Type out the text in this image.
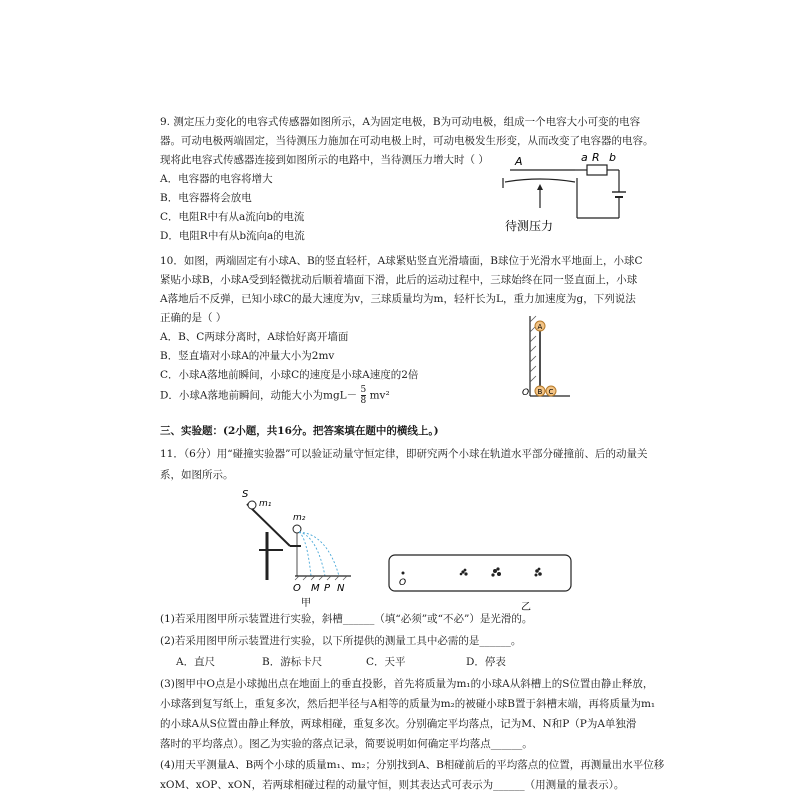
9. 测定压力变化的电容式传感器如图所示，A为固定电极，B为可动电极，组成一个电容大小可变的电容
器。可动电极两端固定，当待测压力施加在可动电极上时，可动电极发生形变，从而改变了电容器的电容。
现将此电容式传感器连接到如图所示的电路中，当待测压力增大时（ ）
A．电容器的电容将增大
B．电容器将会放电
C．电阻R中有从a流向b的电流
D．电阻R中有从b流向a的电流
A
待测压力
a R b
10．如图，两端固定有小球A、B的竖直轻杆，A球紧贴竖直光滑墙面，B球位于光滑水平地面上，小球C
紧贴小球B，小球A受到轻微扰动后顺着墙面下滑，此后的运动过程中，三球始终在同一竖直面上，小球
A落地后不反弹，已知小球C的最大速度为v，三球质量均为m，轻杆长为L，重力加速度为g，下列说法
正确的是（ ）
A．B、C两球分离时，A球恰好离开墙面
B．竖直墙对小球A的冲量大小为2mv
C．小球A落地前瞬间，小球C的速度是小球A速度的2倍
D．小球A落地前瞬间，动能大小为$mgL- \frac{5}{8} mv^2$
A
B C
O
三、实验题：(2小题，共16分。把答案填在题中的横线上。)
11．（6分）用“碰撞实验器”可以验证动量守恒定律，即研究两个小球在轨道水平部分碰撞前、后的动量关
系，如图所示。
S
m₁
m₂
O M P N
甲
O
乙
(1)若采用图甲所示装置进行实验，斜槽______（填“必须”或“不必”）是光滑的。
(2)若采用图甲所示装置进行实验，以下所提供的测量工具中必需的是______。
A．直尺	B．游标卡尺	C．天平	D．停表
(3)图甲中O点是小球抛出点在地面上的垂直投影，首先将质量为m₁的小球A从斜槽上的S位置由静止释放，
小球落到复写纸上，重复多次，然后把半径与A相等的质量为m₂的被碰小球B置于斜槽末端，再将质量为m₁
的小球A从S位置由静止释放，两球相碰，重复多次。分别确定平均落点，记为M、N和P（P为A单独滑
落时的平均落点）。图乙为实验的落点记录，简要说明如何确定平均落点______。
(4)用天平测量A、B两个小球的质量m₁、m₂；分别找到A、B相碰前后的平均落点的位置，再测量出水平位移
xOM、xOP、xON，若两球相碰过程的动量守恒，则其表达式可表示为______（用测量的量表示）。
